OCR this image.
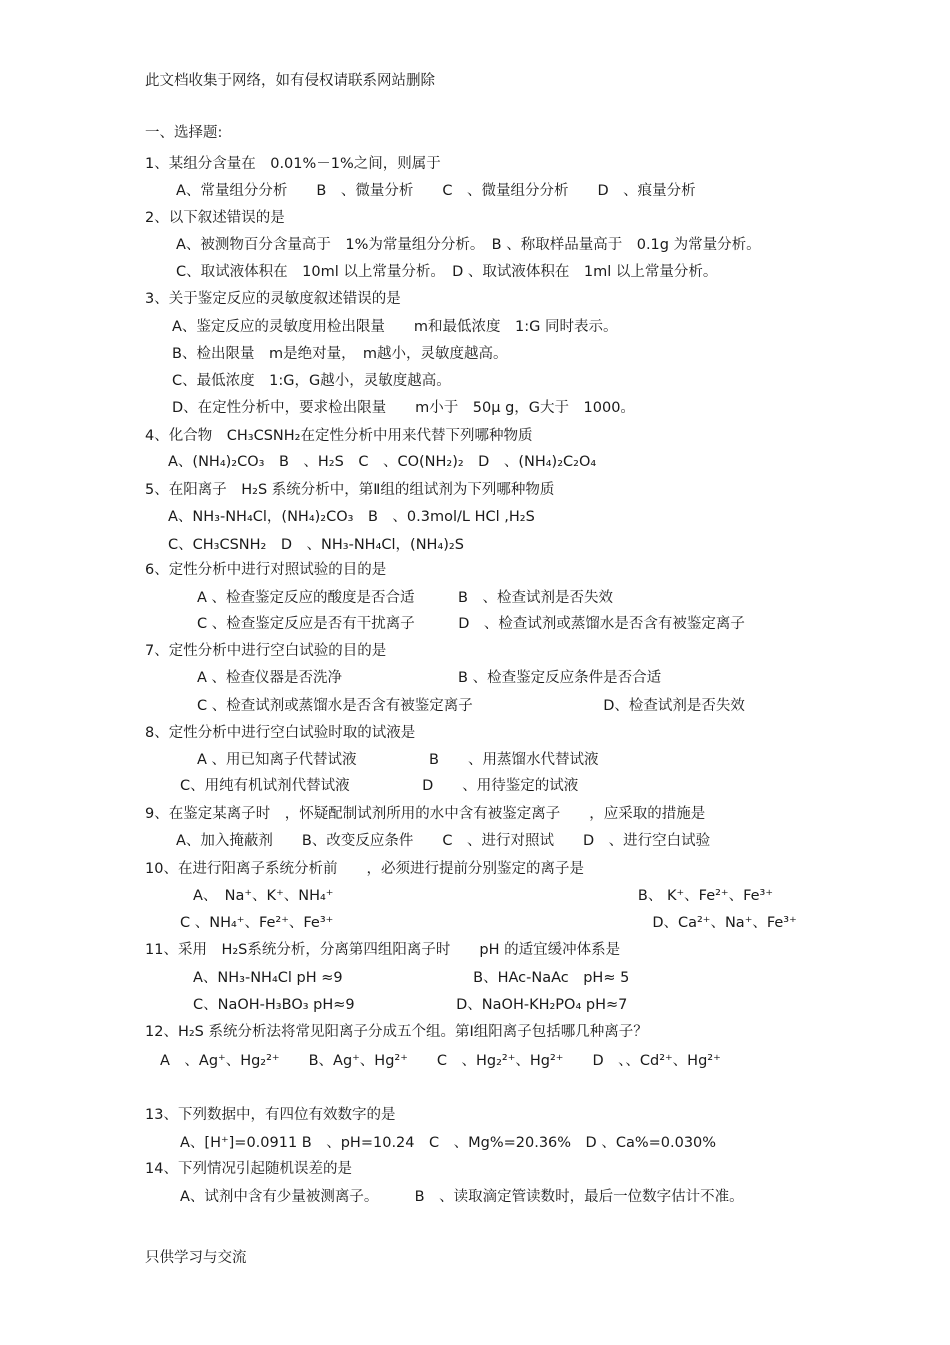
此文档收集于网络，如有侵权请联系网站删除
一、选择题:
1、某组分含量在　0.01%－1%之间，则属于
A、常量组分分析　　B　、微量分析　　C　、微量组分分析　　D　、痕量分析
2、以下叙述错误的是
A、被测物百分含量高于　1%为常量组分分析。　B 、称取样品量高于　0.1g 为常量分析。
C、取试液体积在　10ml 以上常量分析。　D 、取试液体积在　1ml 以上常量分析。
3、关于鉴定反应的灵敏度叙述错误的是
A、鉴定反应的灵敏度用检出限量　　m和最低浓度　1:G 同时表示。
B、检出限量　m是绝对量，　m越小，灵敏度越高。
C、最低浓度　1:G，G越小，灵敏度越高。
D、在定性分析中，要求检出限量　　m小于　50μ g，G大于　1000。
4、化合物　CH₃CSNH₂在定性分析中用来代替下列哪种物质
A、(NH₄)₂CO₃　B　、H₂S　C　、CO(NH₂)₂　D　、(NH₄)₂C₂O₄
5、在阳离子　H₂S 系统分析中，第Ⅱ组的组试剂为下列哪种物质
A、NH₃-NH₄Cl，(NH₄)₂CO₃　B　、0.3mol/L HCl ,H₂S
C、CH₃CSNH₂　D　、NH₃-NH₄Cl，(NH₄)₂S
6、定性分析中进行对照试验的目的是
A 、检查鉴定反应的酸度是否合适　　　B　、检查试剂是否失效
C 、检查鉴定反应是否有干扰离子　　　D　、检查试剂或蒸馏水是否含有被鉴定离子
7、定性分析中进行空白试验的目的是
A 、检查仪器是否洗净　　　　　　　　B 、检查鉴定反应条件是否合适
C 、检查试剂或蒸馏水是否含有被鉴定离子　　　　　　　　　D、检查试剂是否失效
8、定性分析中进行空白试验时取的试液是
A 、用已知离子代替试液　　　　　B　　、用蒸馏水代替试液
C、用纯有机试剂代替试液　　　　　D　　、用待鉴定的试液
9、在鉴定某离子时　，怀疑配制试剂所用的水中含有被鉴定离子　　，应采取的措施是
A、加入掩蔽剂　　B、改变反应条件　　C　、进行对照试　　D　、进行空白试验
10、在进行阳离子系统分析前　　，必须进行提前分别鉴定的离子是
A、　Na⁺、K⁺、NH₄⁺　　　　　　　　　　　　　　　　　　　　　B、 K⁺、Fe²⁺、Fe³⁺
C 、NH₄⁺、Fe²⁺、Fe³⁺　　　　　　　　　　　　　　　　　　　　　　D、Ca²⁺、Na⁺、Fe³⁺
11、采用　H₂S系统分析，分离第四组阳离子时　　pH 的适宜缓冲体系是
A、NH₃-NH₄Cl pH ≈9　　　　　　　　　B、HAc-NaAc　pH≈ 5
C、NaOH-H₃BO₃ pH≈9　　　　　　　D、NaOH-KH₂PO₄ pH≈7
12、H₂S 系统分析法将常见阳离子分成五个组。第Ⅰ组阳离子包括哪几种离子？
A　、Ag⁺、Hg₂²⁺　　B、Ag⁺、Hg²⁺　　C　、Hg₂²⁺、Hg²⁺　　D　、、Cd²⁺、Hg²⁺
13、下列数据中，有四位有效数字的是
A、[H⁺]=0.0911 B　、pH=10.24　C　、Mg%=20.36%　D 、Ca%=0.030%
14、下列情况引起随机误差的是
A、试剂中含有少量被测离子。　　　B　、读取滴定管读数时，最后一位数字估计不准。
只供学习与交流
